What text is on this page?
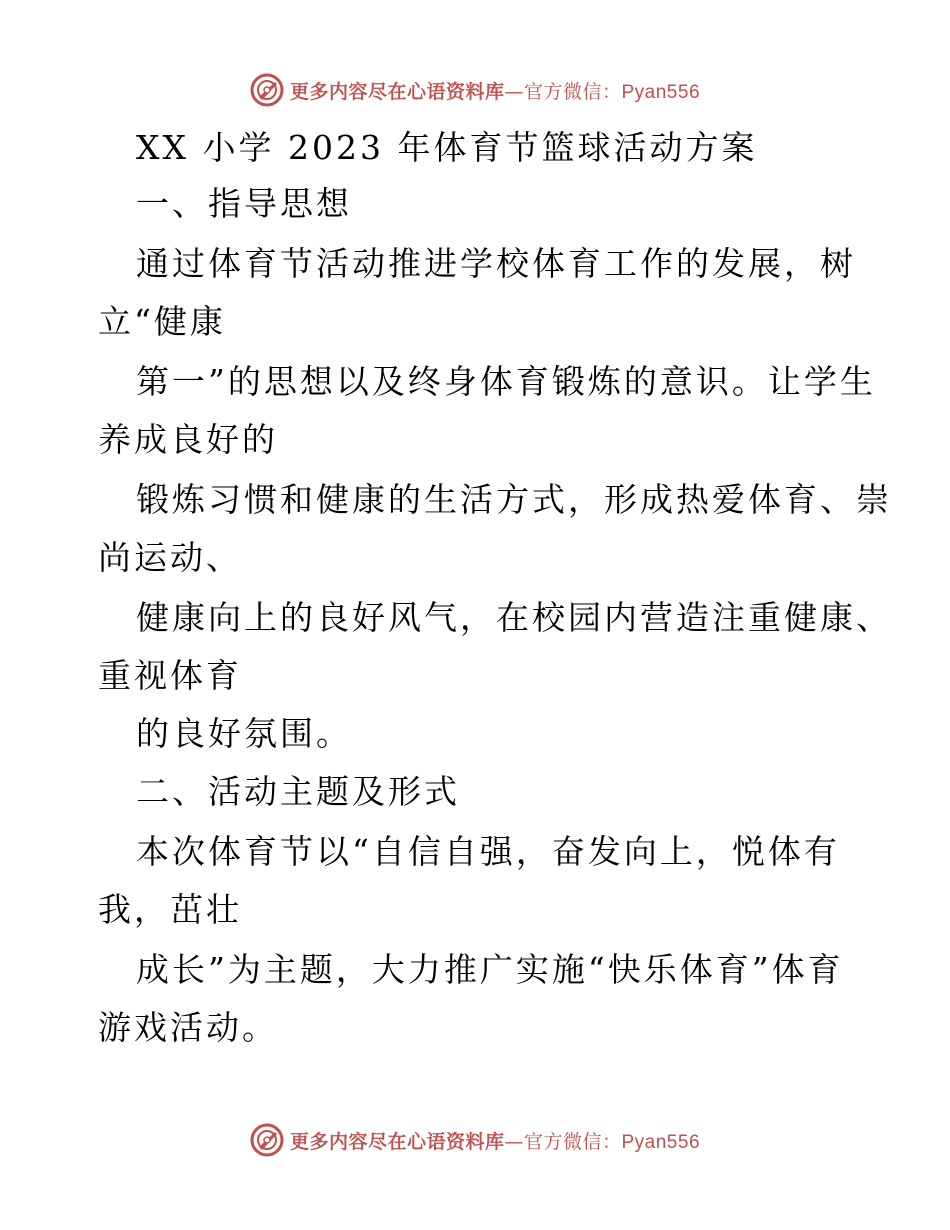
更多内容尽在心语资料库—官方微信：Pyan556
XX 小学 2023 年体育节篮球活动方案
一、指导思想
通过体育节活动推进学校体育工作的发展，树
立“健康
第一”的思想以及终身体育锻炼的意识。让学生
养成良好的
锻炼习惯和健康的生活方式，形成热爱体育、崇
尚运动、
健康向上的良好风气，在校园内营造注重健康、
重视体育
的良好氛围。
二、活动主题及形式
本次体育节以“自信自强，奋发向上，悦体有
我，茁壮
成长”为主题，大力推广实施“快乐体育”体育
游戏活动。
更多内容尽在心语资料库—官方微信：Pyan556
